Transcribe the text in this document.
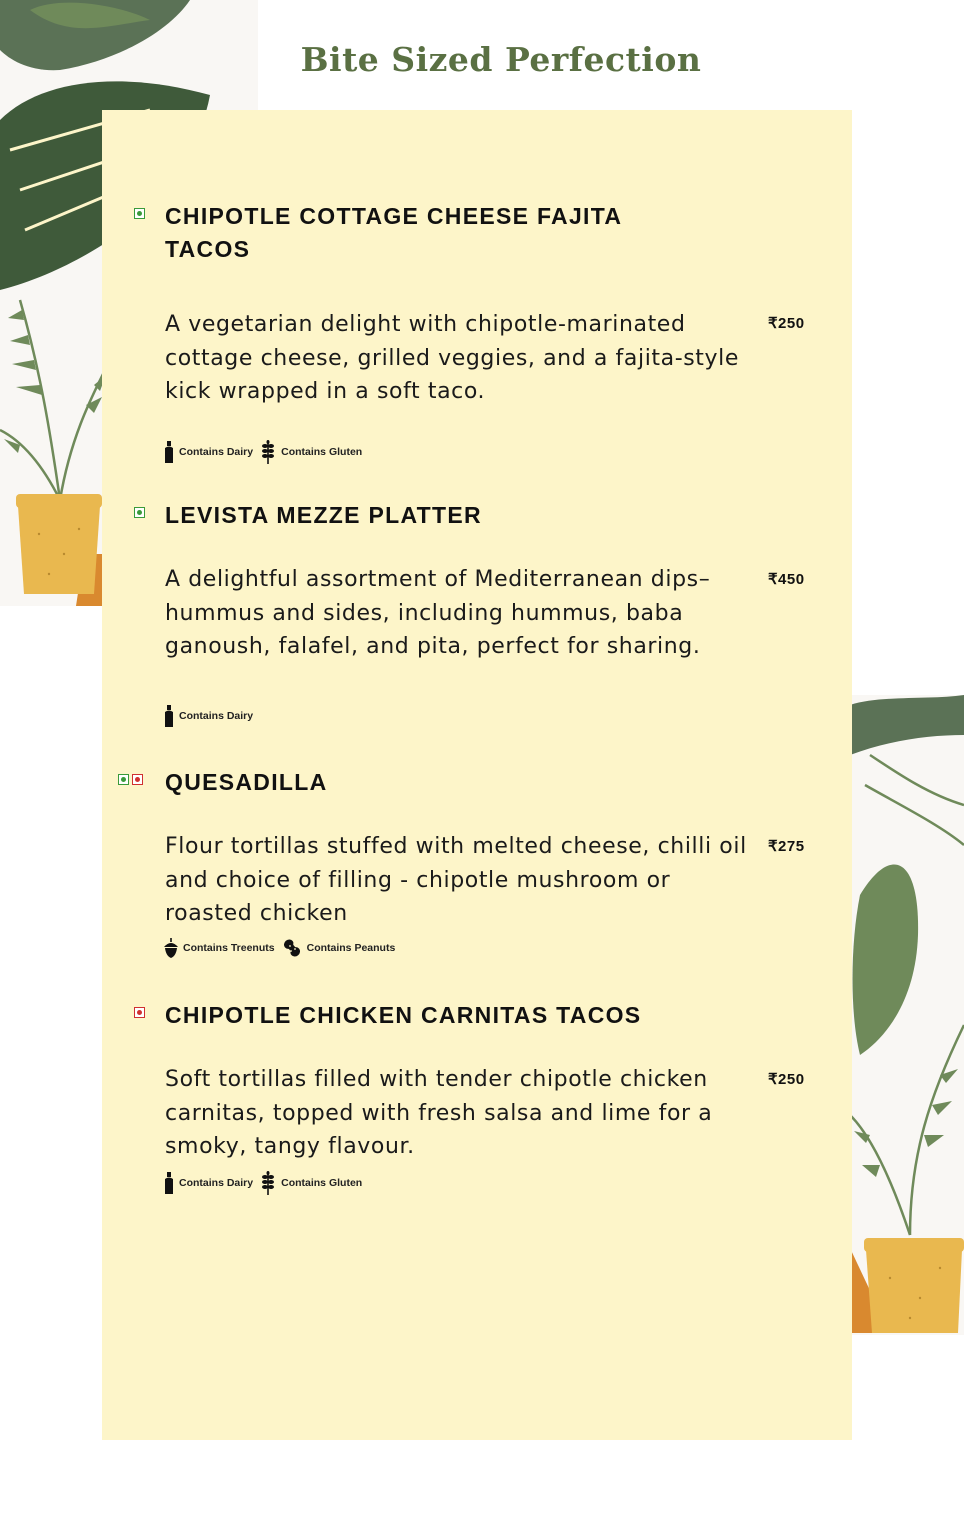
Bite Sized Perfection
CHIPOTLE COTTAGE CHEESE FAJITA TACOS

A vegetarian delight with chipotle-marinated cottage cheese, grilled veggies, and a fajita-style kick wrapped in a soft taco.

₹250
Contains Dairy	Contains Gluten
LEVISTA MEZZE PLATTER

A delightful assortment of Mediterranean dips–hummus and sides, including hummus, baba ganoush, falafel, and pita, perfect for sharing.

₹450
Contains Dairy
QUESADILLA

Flour tortillas stuffed with melted cheese, chilli oil and choice of filling - chipotle mushroom or roasted chicken

₹275
Contains Treenuts	Contains Peanuts
CHIPOTLE CHICKEN CARNITAS TACOS

Soft tortillas filled with tender chipotle chicken carnitas, topped with fresh salsa and lime for a smoky, tangy flavour.

₹250
Contains Dairy	Contains Gluten
